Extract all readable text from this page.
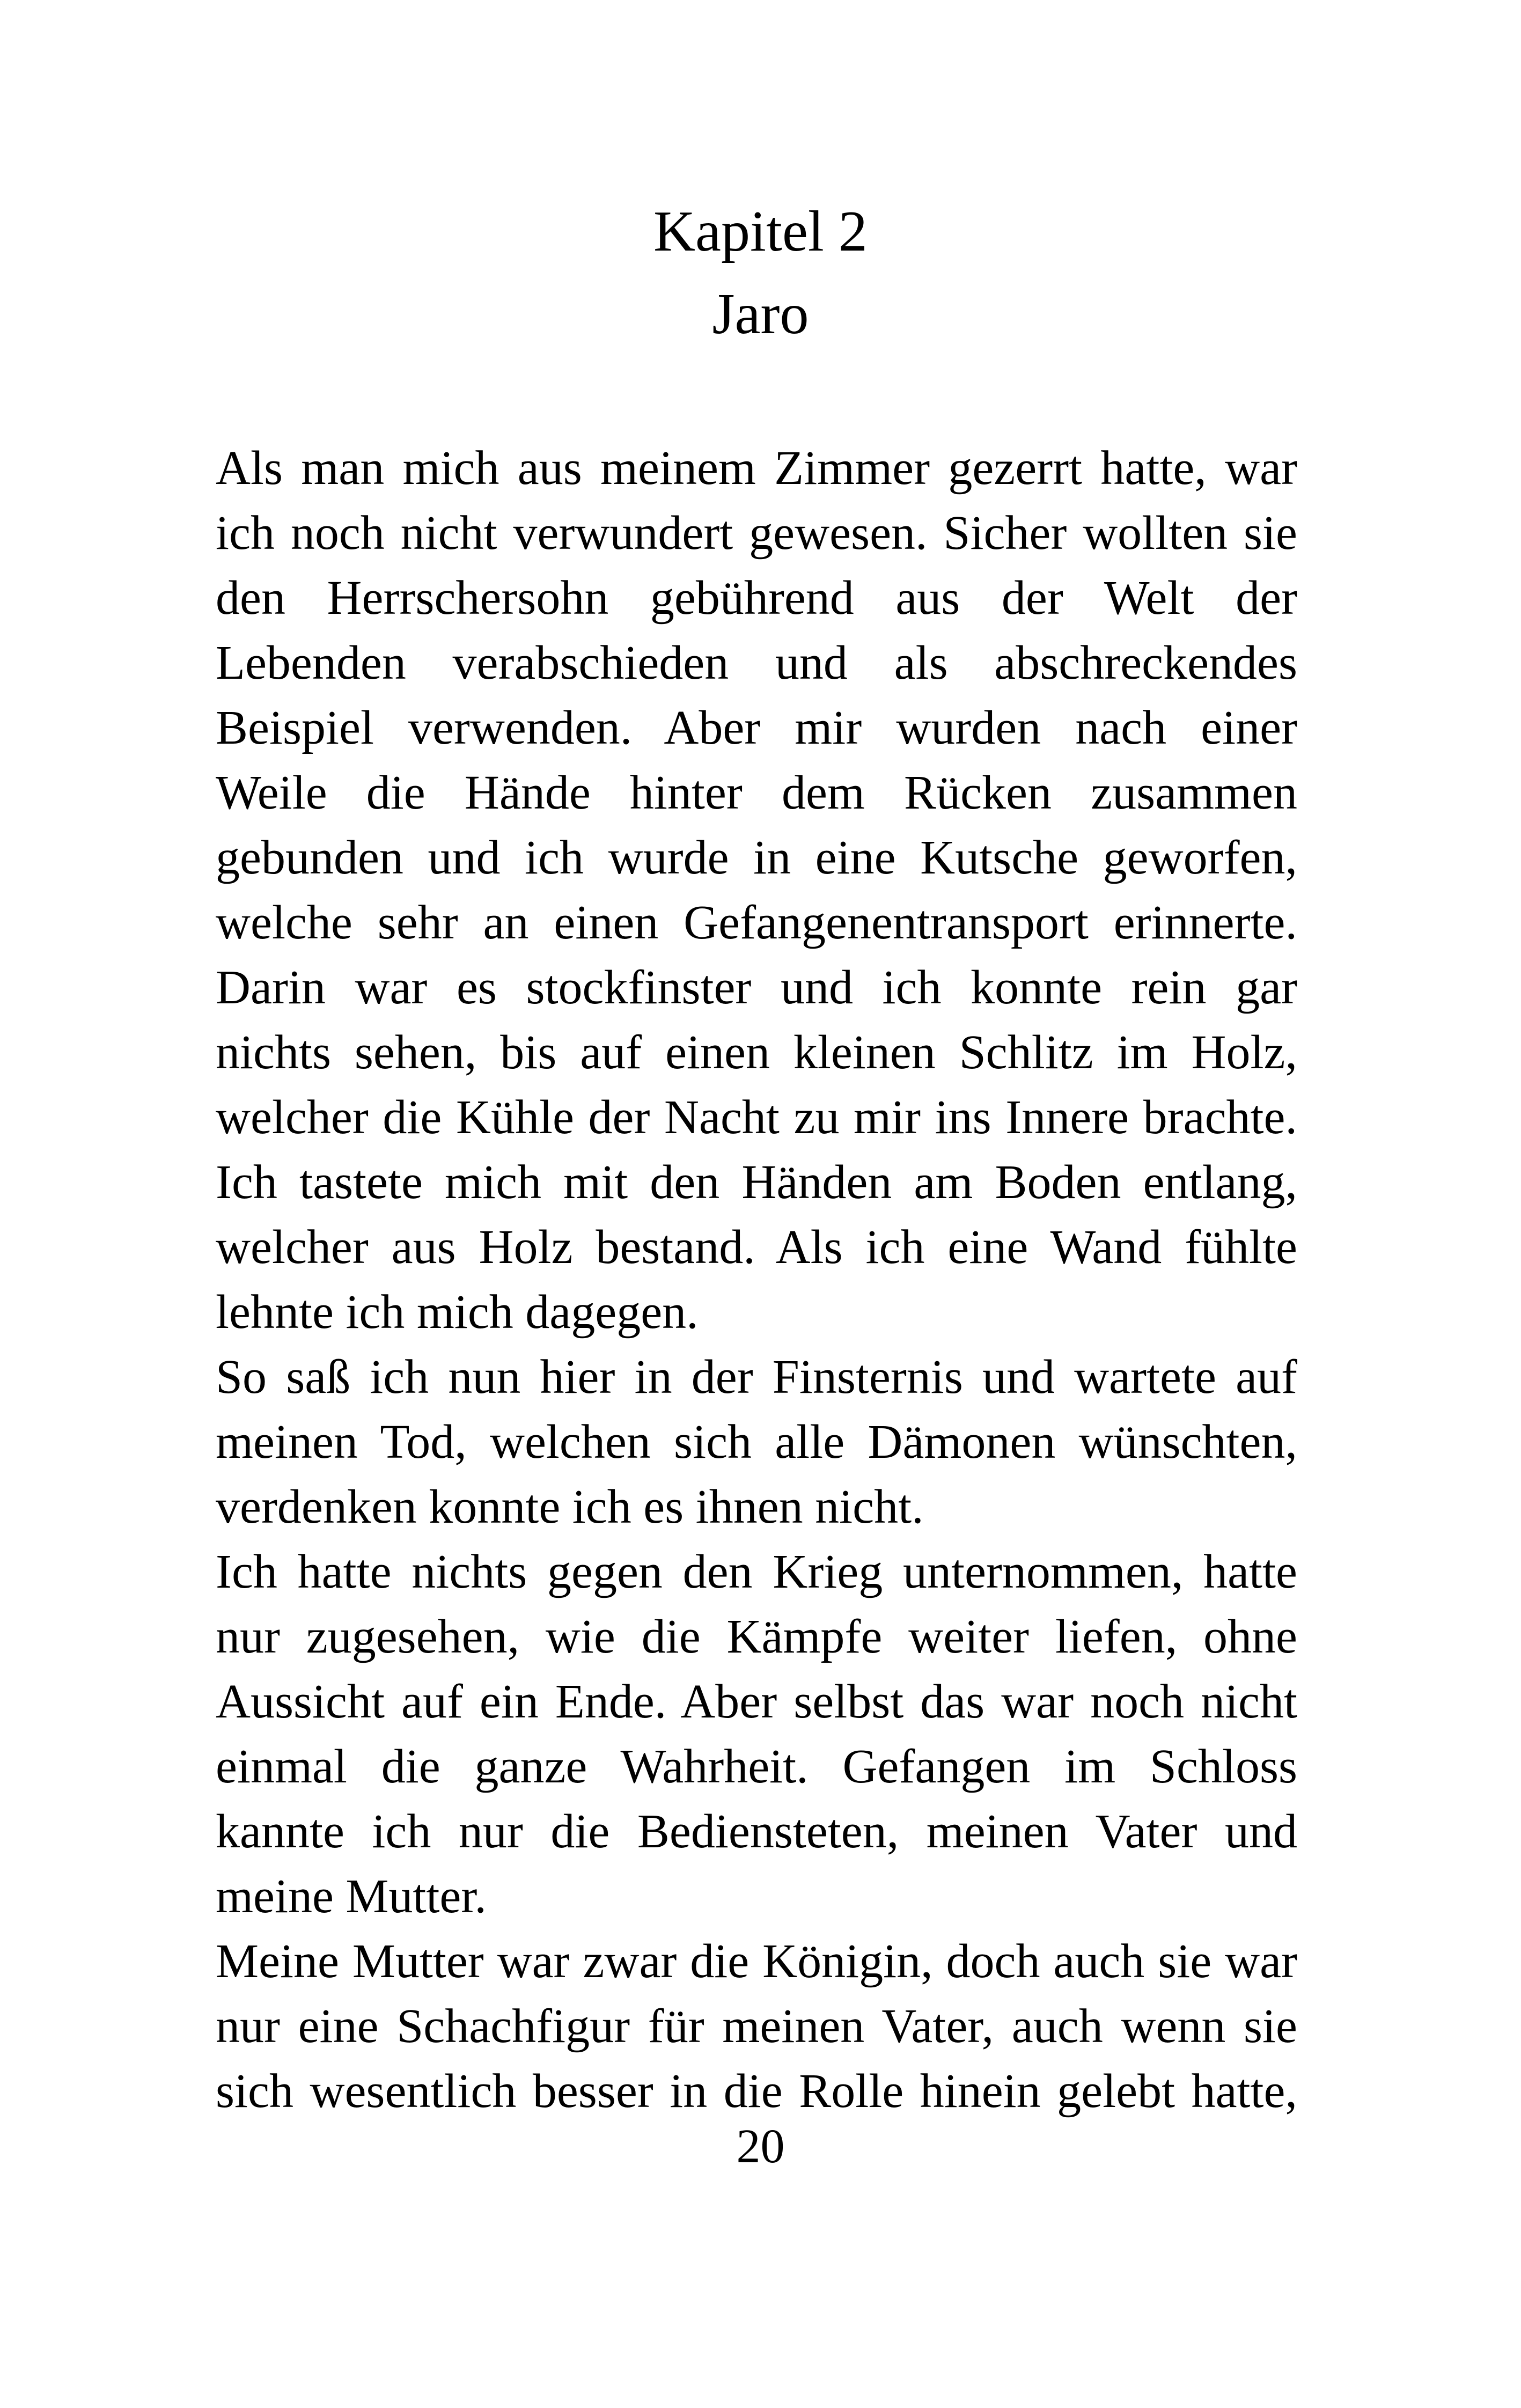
Kapitel 2
Jaro
Als man mich aus meinem Zimmer gezerrt hatte, war
ich noch nicht verwundert gewesen. Sicher wollten sie
den Herrschersohn gebührend aus der Welt der
Lebenden verabschieden und als abschreckendes
Beispiel verwenden. Aber mir wurden nach einer
Weile die Hände hinter dem Rücken zusammen
gebunden und ich wurde in eine Kutsche geworfen,
welche sehr an einen Gefangenentransport erinnerte.
Darin war es stockfinster und ich konnte rein gar
nichts sehen, bis auf einen kleinen Schlitz im Holz,
welcher die Kühle der Nacht zu mir ins Innere brachte.
Ich tastete mich mit den Händen am Boden entlang,
welcher aus Holz bestand. Als ich eine Wand fühlte
lehnte ich mich dagegen.
So saß ich nun hier in der Finsternis und wartete auf
meinen Tod, welchen sich alle Dämonen wünschten,
verdenken konnte ich es ihnen nicht.
Ich hatte nichts gegen den Krieg unternommen, hatte
nur zugesehen, wie die Kämpfe weiter liefen, ohne
Aussicht auf ein Ende. Aber selbst das war noch nicht
einmal die ganze Wahrheit. Gefangen im Schloss
kannte ich nur die Bediensteten, meinen Vater und
meine Mutter.
Meine Mutter war zwar die Königin, doch auch sie war
nur eine Schachfigur für meinen Vater, auch wenn sie
sich wesentlich besser in die Rolle hinein gelebt hatte,
20
